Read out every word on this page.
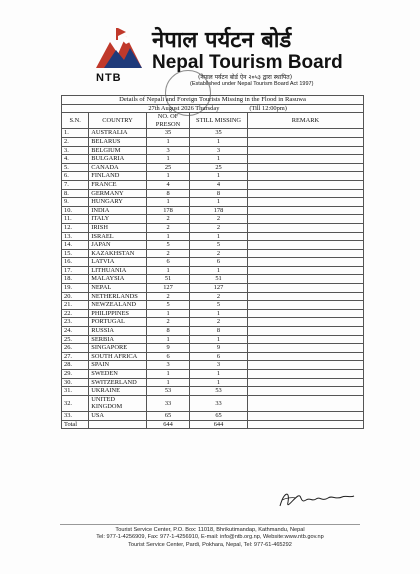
NTB
नेपाल पर्यटन बोर्ड
Nepal Tourism Board
(नेपाल पर्यटन बोर्ड ऐन २०५३ द्वारा स्थापित)
(Established under Nepal Tourism Board Act 1997)
Details of Nepali and Foreign Tourists Missing in the Flood in Rasuwa				
		27th August 2026 Thursday		(Till 12:00pm)
S.N.	COUNTRY	NO. OF PRESON	STILL MISSING	REMARK
1.	AUSTRALIA	35	35	
2.	BELARUS	1	1	
3.	BELGIUM	3	3	
4.	BULGARIA	1	1	
5.	CANADA	25	25	
6.	FINLAND	1	1	
7.	FRANCE	4	4	
8.	GERMANY	8	8	
9.	HUNGARY	1	1	
10.	INDIA	178	178	
11.	ITALY	2	2	
12.	IRISH	2	2	
13.	ISRAEL	1	1	
14.	JAPAN	5	5	
15.	KAZAKHSTAN	2	2	
16.	LATVIA	6	6	
17.	LITHUANIA	1	1	
18.	MALAYSIA	51	51	
19.	NEPAL	127	127	
20.	NETHERLANDS	2	2	
21.	NEWZEALAND	5	5	
22.	PHILIPPINES	1	1	
23.	PORTUGAL	2	2	
24.	RUSSIA	8	8	
25.	SERBIA	1	1	
26.	SINGAPORE	9	9	
27.	SOUTH AFRICA	6	6	
28.	SPAIN	3	3	
29.	SWEDEN	1	1	
30.	SWITZERLAND	1	1	
31.	UKRAINE	53	53	
32.	UNITED KINGDOM	33	33	
33.	USA	65	65	
Total		644	644	
Tourist Service Center, P.O. Box: 11018, Bhrikutimandap, Kathmandu, Nepal
Tel: 977-1-4256909, Fax: 977-1-4256910, E-mail: info@ntb.org.np, Website:www.ntb.gov.np
Tourist Service Center, Pardi, Pokhara, Nepal, Tel: 977-61-465292
